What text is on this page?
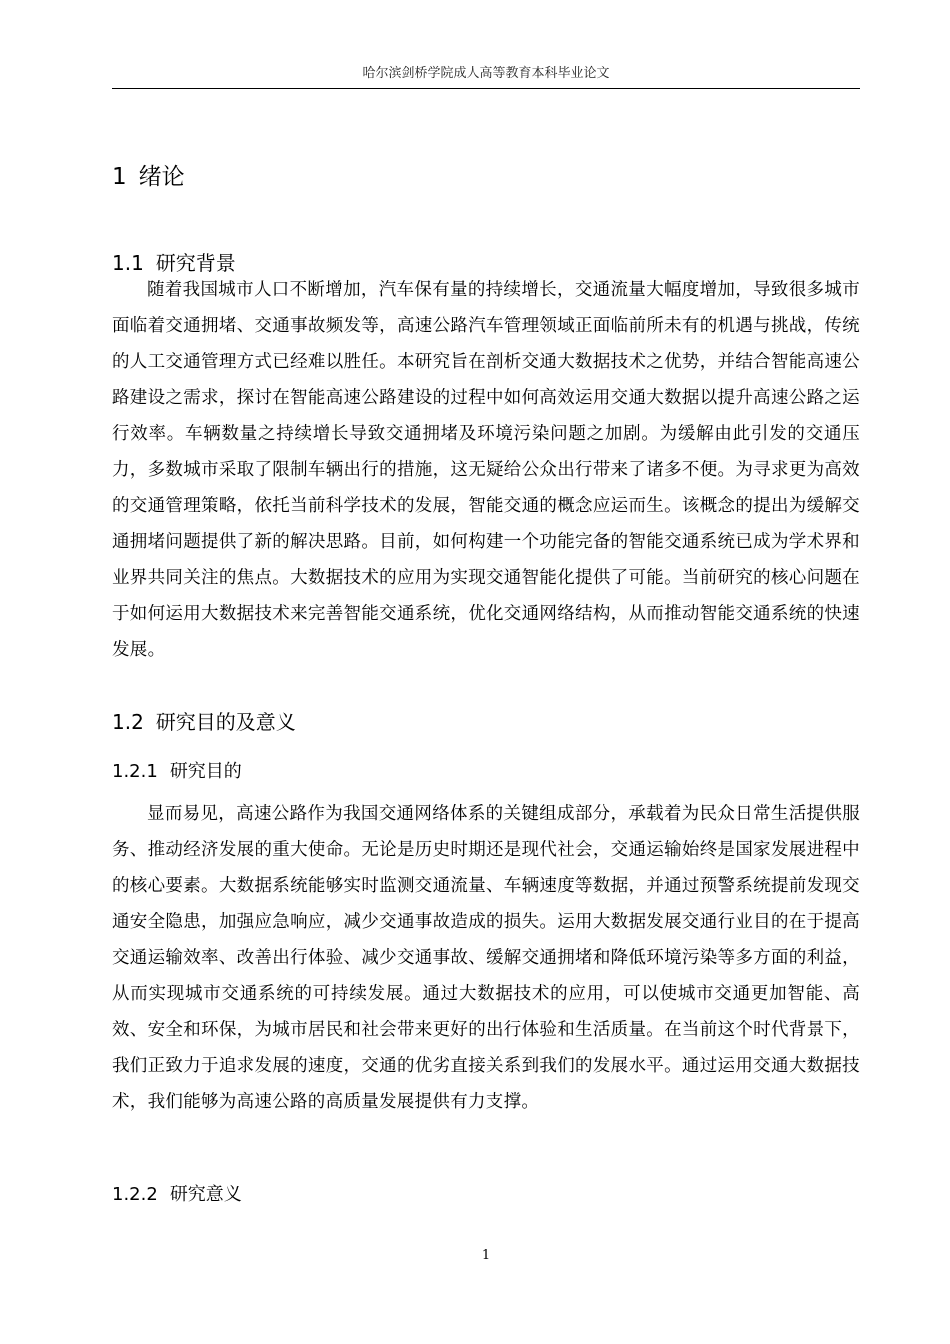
哈尔滨剑桥学院成人高等教育本科毕业论文
1 绪论
1.1 研究背景

随着我国城市人口不断增加，汽车保有量的持续增长，交通流量大幅度增加，导致很多城市面临着交通拥堵、交通事故频发等，高速公路汽车管理领域正面临前所未有的机遇与挑战，传统的人工交通管理方式已经难以胜任。本研究旨在剖析交通大数据技术之优势，并结合智能高速公路建设之需求，探讨在智能高速公路建设的过程中如何高效运用交通大数据以提升高速公路之运行效率。车辆数量之持续增长导致交通拥堵及环境污染问题之加剧。为缓解由此引发的交通压力，多数城市采取了限制车辆出行的措施，这无疑给公众出行带来了诸多不便。为寻求更为高效的交通管理策略，依托当前科学技术的发展，智能交通的概念应运而生。该概念的提出为缓解交通拥堵问题提供了新的解决思路。目前，如何构建一个功能完备的智能交通系统已成为学术界和业界共同关注的焦点。大数据技术的应用为实现交通智能化提供了可能。当前研究的核心问题在于如何运用大数据技术来完善智能交通系统，优化交通网络结构，从而推动智能交通系统的快速发展。

1.2 研究目的及意义
1.2.1 研究目的

显而易见，高速公路作为我国交通网络体系的关键组成部分，承载着为民众日常生活提供服务、推动经济发展的重大使命。无论是历史时期还是现代社会，交通运输始终是国家发展进程中的核心要素。大数据系统能够实时监测交通流量、车辆速度等数据，并通过预警系统提前发现交通安全隐患，加强应急响应，减少交通事故造成的损失。运用大数据发展交通行业目的在于提高交通运输效率、改善出行体验、减少交通事故、缓解交通拥堵和降低环境污染等多方面的利益，从而实现城市交通系统的可持续发展。通过大数据技术的应用，可以使城市交通更加智能、高效、安全和环保，为城市居民和社会带来更好的出行体验和生活质量。在当前这个时代背景下，我们正致力于追求发展的速度，交通的优劣直接关系到我们的发展水平。通过运用交通大数据技术，我们能够为高速公路的高质量发展提供有力支撑。

1.2.2 研究意义
1
